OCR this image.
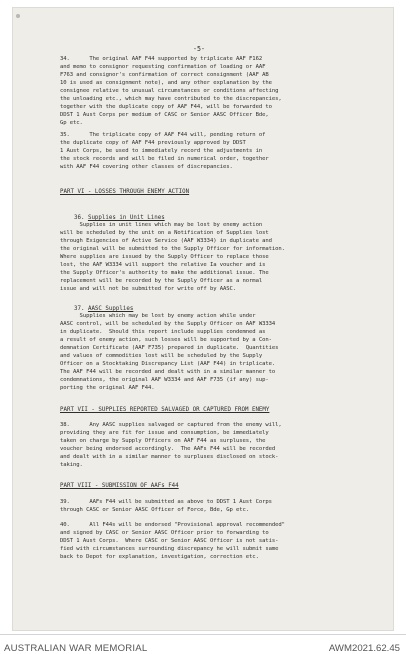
-5-

34.      The original AAF F44 supported by triplicate AAF F162
and memo to consignor requesting confirmation of loading or AAF
F763 and consignor's confirmation of correct consignment (AAF AB
10 is used as consignment note), and any other explanation by the
consignee relative to unusual circumstances or conditions affecting
the unloading etc., which may have contributed to the discrepancies,
together with the duplicate copy of AAF F44, will be forwarded to
DDST 1 Aust Corps per medium of CASC or Senior AASC Officer Bde,
Gp etc.

35.      The triplicate copy of AAF F44 will, pending return of
the duplicate copy of AAF F44 previously approved by DDST
1 Aust Corps, be used to immediately record the adjustments in
the stock records and will be filed in numerical order, together
with AAF F44 covering other classes of discrepancies.

PART VI - LOSSES THROUGH ENEMY ACTION

36. Supplies in Unit Lines

Supplies in unit lines which may be lost by enemy action
will be scheduled by the unit on a Notification of Supplies lost
through Exigencies of Active Service (AAF W3334) in duplicate and
the original will be submitted to the Supply Officer for information.
Where supplies are issued by the Supply Officer to replace those
lost, the AAF W3334 will support the relative Ia voucher and is
the Supply Officer's authority to make the additional issue. The
replacement will be recorded by the Supply Officer as a normal
issue and will not be submitted for write off by AASC.

37. AASC Supplies

Supplies which may be lost by enemy action while under
AASC control, will be scheduled by the Supply Officer on AAF W3334
in duplicate.  Should this report include supplies condemned as
a result of enemy action, such losses will be supported by a Con-
demnation Certificate (AAF F735) prepared in duplicate.  Quantities
and values of commodities lost will be scheduled by the Supply
Officer on a Stocktaking Discrepancy List (AAF F44) in triplicate.
The AAF F44 will be recorded and dealt with in a similar manner to
condemnations, the original AAF W3334 and AAF F735 (if any) sup-
porting the original AAF F44.

PART VII - SUPPLIES REPORTED SALVAGED OR CAPTURED FROM ENEMY

38.      Any AASC supplies salvaged or captured from the enemy will,
providing they are fit for issue and consumption, be immediately
taken on charge by Supply Officers on AAF F44 as surpluses, the
voucher being endorsed accordingly.  The AAFs F44 will be recorded
and dealt with in a similar manner to surpluses disclosed on stock-
taking.

PART VIII - SUBMISSION OF AAFs F44

39.      AAFs F44 will be submitted as above to DDST 1 Aust Corps
through CASC or Senior AASC Officer of Force, Bde, Gp etc.

40.      All F44s will be endorsed "Provisional approval recommended"
and signed by CASC or Senior AASC Officer prior to forwarding to
DDST 1 Aust Corps.  Where CASC or Senior AASC Officer is not satis-
fied with circumstances surrounding discrepancy he will submit same
back to Depot for explanation, investigation, correction etc.

AUSTRALIAN WAR MEMORIAL	AWM2021.62.45
